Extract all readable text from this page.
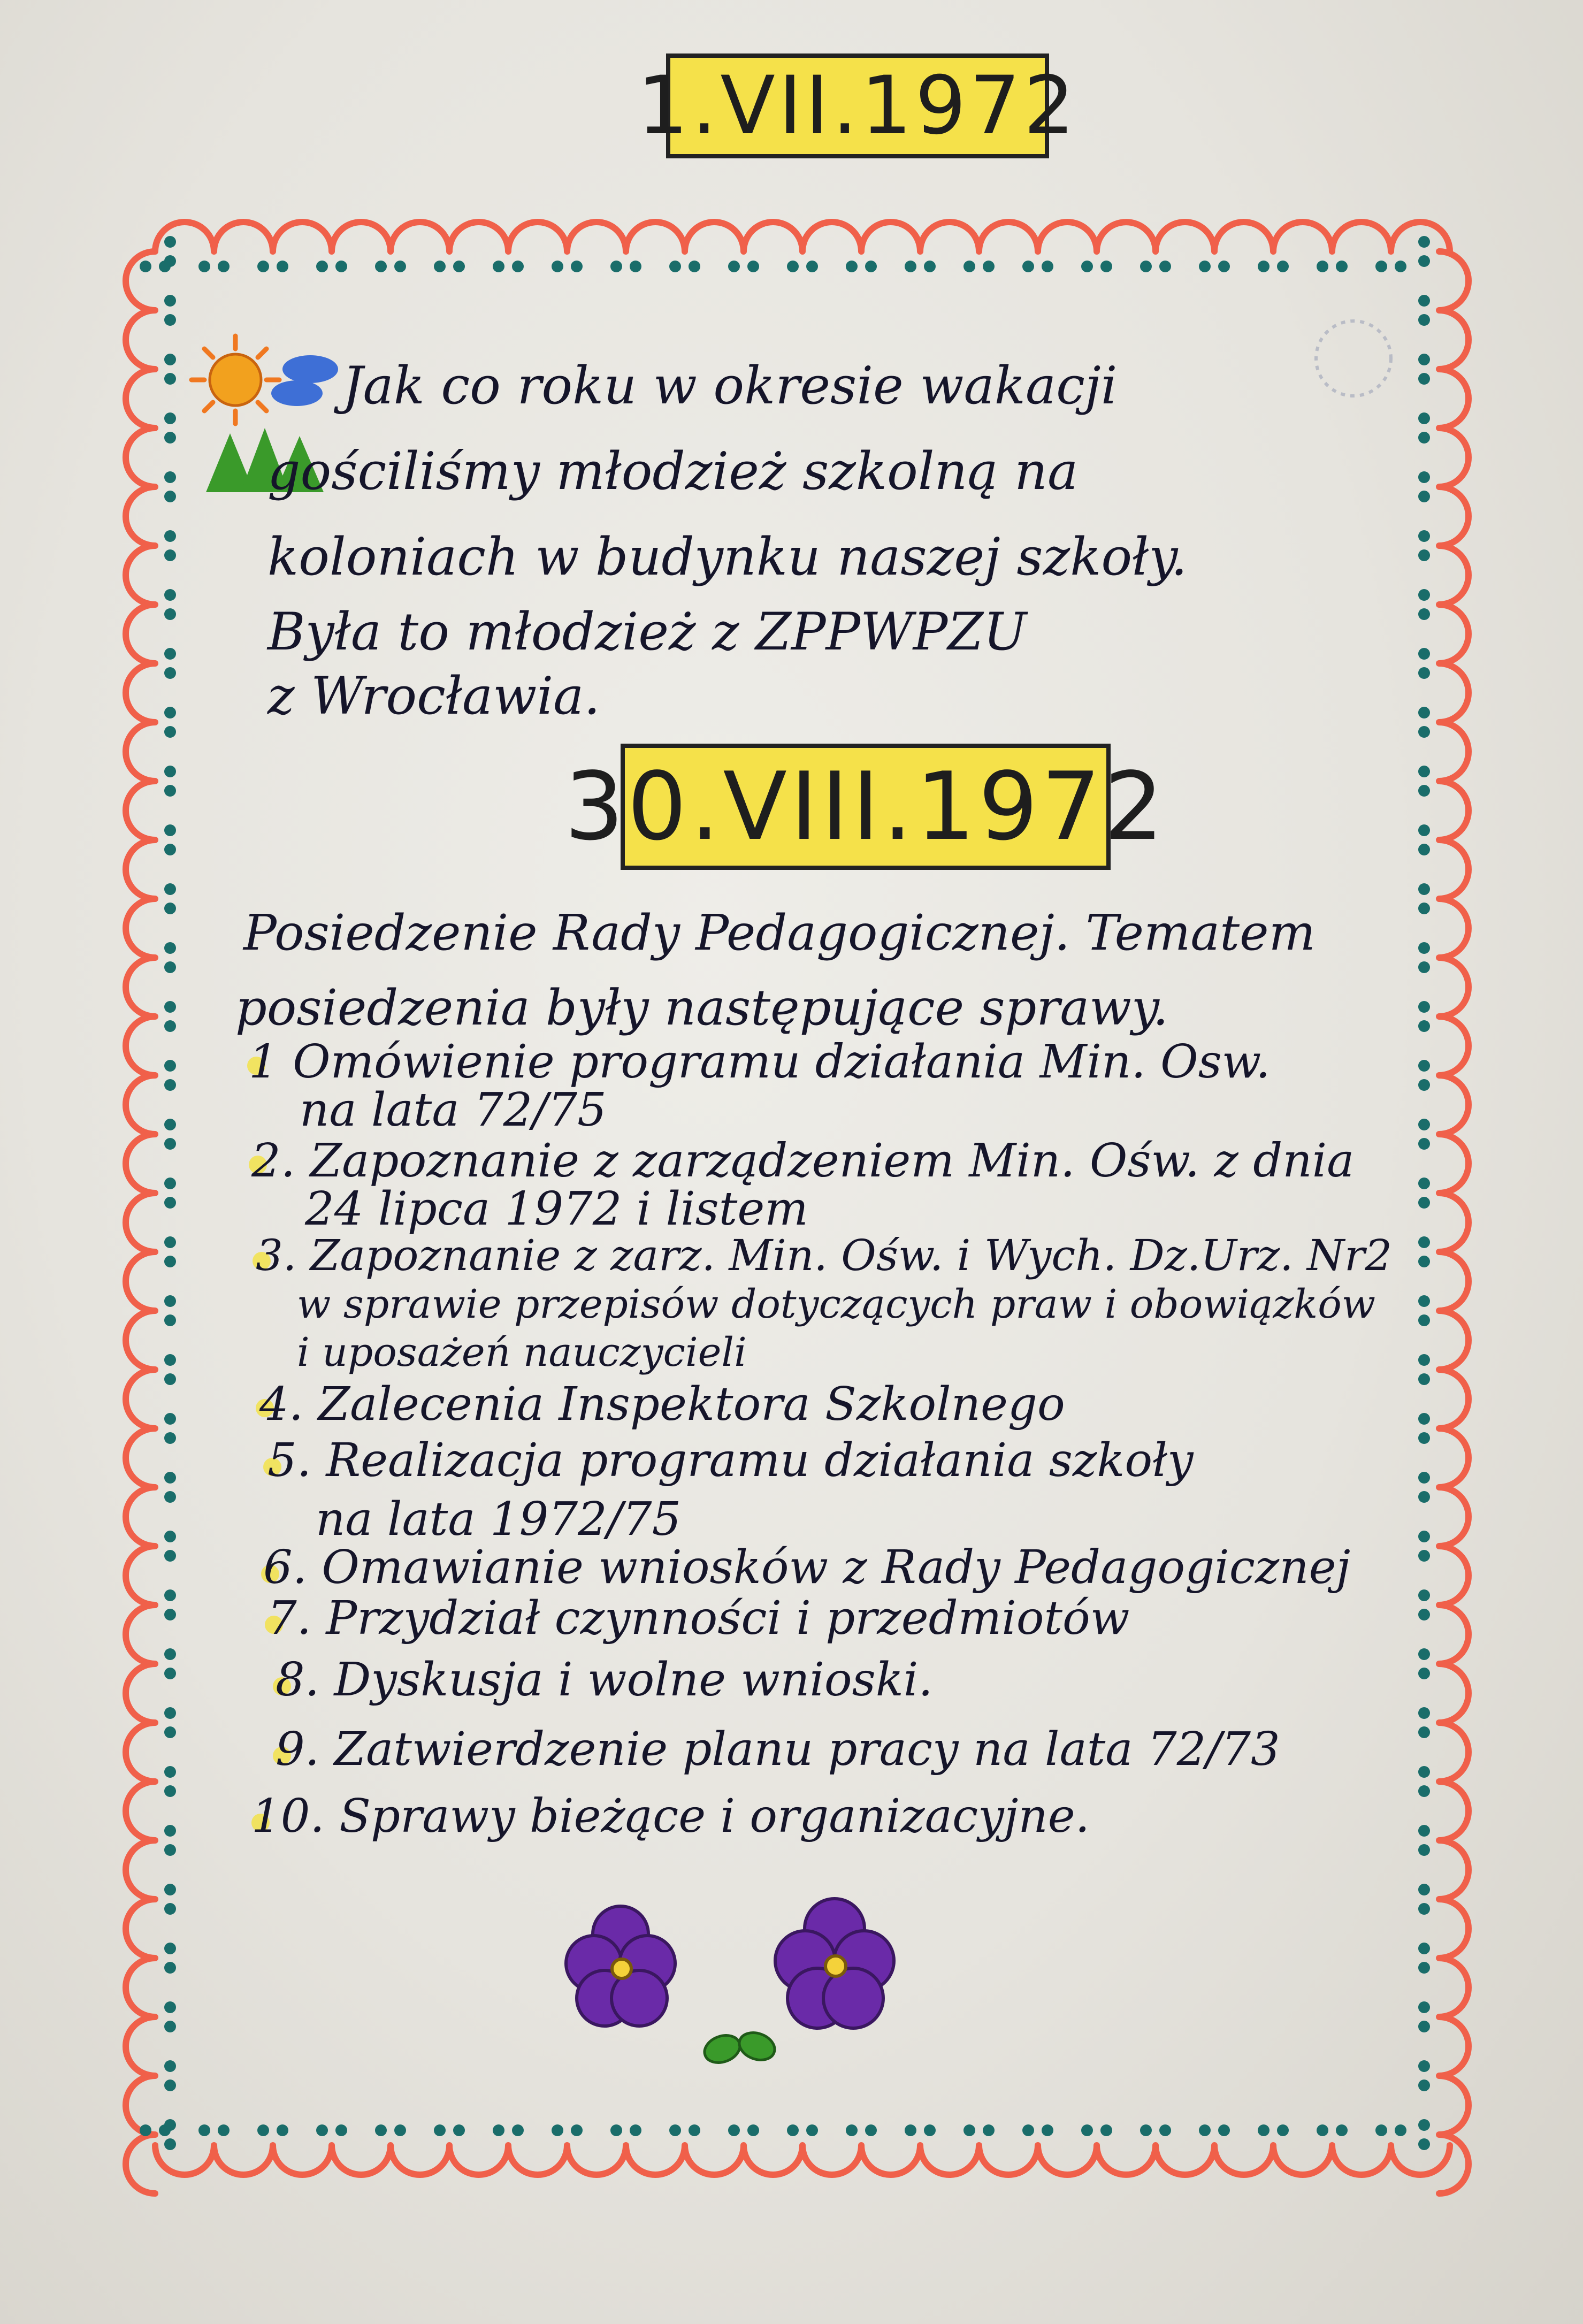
1.VII.1972
Jak co roku w okresie wakacji
gościliśmy młodzież szkolną na
koloniach w budynku naszej szkoły.
Była to młodzież z ZPPWPZU
z Wrocławia.
30.VIII.1972
Posiedzenie Rady Pedagogicznej. Tematem
posiedzenia były następujące sprawy.
1 Omówienie programu działania Min. Osw.
na lata 72/75
2. Zapoznanie z zarządzeniem Min. Ośw. z dnia
24 lipca 1972 i listem
3. Zapoznanie z zarz. Min. Ośw. i Wych. Dz.Urz. Nr2
w sprawie przepisów dotyczących praw i obowiązków
i uposażeń nauczycieli
4. Zalecenia Inspektora Szkolnego
5. Realizacja programu działania szkoły
na lata 1972/75
6. Omawianie wniosków z Rady Pedagogicznej
7. Przydział czynności i przedmiotów
8. Dyskusja i wolne wnioski.
9. Zatwierdzenie planu pracy na lata 72/73
10. Sprawy bieżące i organizacyjne.
